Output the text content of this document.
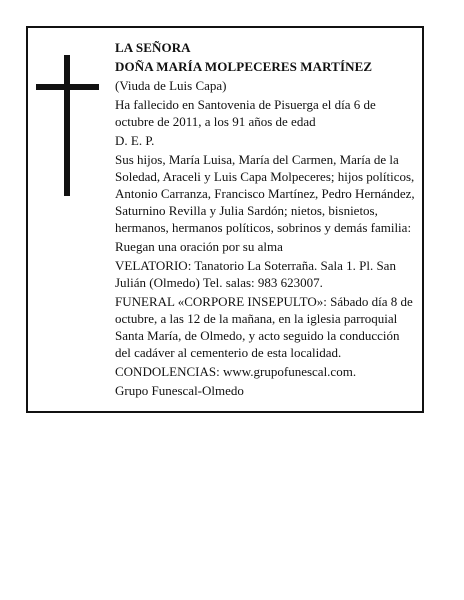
LA SEÑORA

DOÑA MARÍA MOLPECERES MARTÍNEZ

(Viuda de Luis Capa)

Ha fallecido en Santovenia de Pisuerga el día 6 de octubre de 2011, a los 91 años de edad

D. E. P.

Sus hijos, María Luisa, María del Carmen, María de la Soledad, Araceli y Luis Capa Molpeceres; hijos políticos, Antonio Carranza, Francisco Martínez, Pedro Hernández, Saturnino Revilla y Julia Sardón; nietos, bisnietos, hermanos, hermanos políticos, sobrinos y demás familia:

Ruegan una oración por su alma

VELATORIO: Tanatorio La Soterraña. Sala 1. Pl. San Julián (Olmedo) Tel. salas: 983 623007.

FUNERAL «CORPORE INSEPULTO»: Sábado día 8 de octubre, a las 12 de la mañana, en la iglesia parroquial Santa María, de Olmedo, y acto seguido la conducción del cadáver al cementerio de esta localidad.

CONDOLENCIAS: www.grupofunescal.com.

Grupo Funescal-Olmedo
